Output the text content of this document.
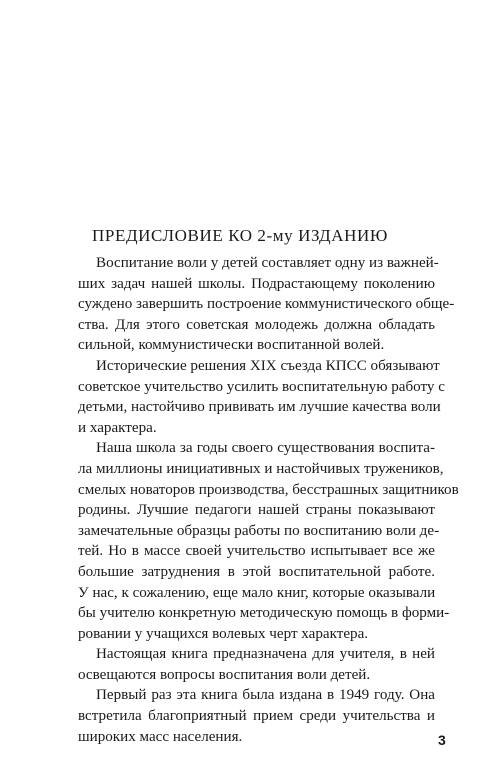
ПРЕДИСЛОВИЕ КО 2-му ИЗДАНИЮ
Воспитание воли у детей составляет одну из важней-
ших задач нашей школы. Подрастающему поколению
суждено завершить построение коммунистического обще-
ства. Для этого советская молодежь должна обладать
сильной, коммунистически воспитанной волей.
Исторические решения XIX съезда КПСС обязывают
советское учительство усилить воспитательную работу с
детьми, настойчиво прививать им лучшие качества воли
и характера.
Наша школа за годы своего существования воспита-
ла миллионы инициативных и настойчивых тружеников,
смелых новаторов производства, бесстрашных защитников
родины. Лучшие педагоги нашей страны показывают
замечательные образцы работы по воспитанию воли де-
тей. Но в массе своей учительство испытывает все же
большие затруднения в этой воспитательной работе.
У нас, к сожалению, еще мало книг, которые оказывали
бы учителю конкретную методическую помощь в форми-
ровании у учащихся волевых черт характера.
Настоящая книга предназначена для учителя, в ней
освещаются вопросы воспитания воли детей.
Первый раз эта книга была издана в 1949 году. Она
встретила благоприятный прием среди учительства и
широких масс населения.	3
